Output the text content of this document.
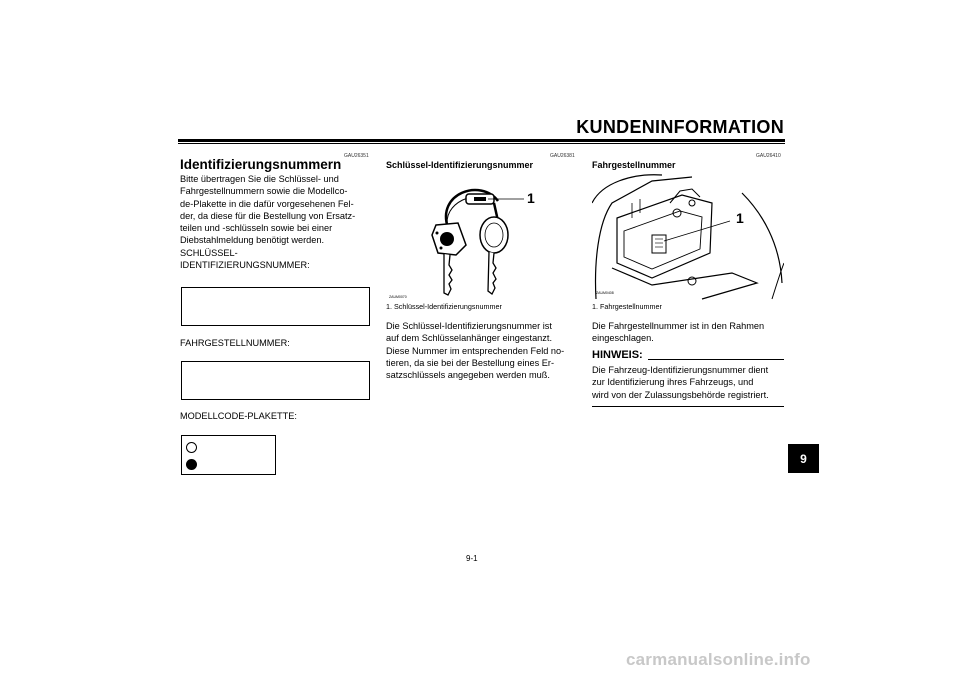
KUNDENINFORMATION
GAU26351
Identifizierungsnummern
Bitte übertragen Sie die Schlüssel- und
Fahrgestellnummern sowie die Modellco-
de-Plakette in die dafür vorgesehenen Fel-
der, da diese für die Bestellung von Ersatz-
teilen und -schlüsseln sowie bei einer
Diebstahlmeldung benötigt werden.
SCHLÜSSEL-
IDENTIFIZIERUNGSNUMMER:
FAHRGESTELLNUMMER:
MODELLCODE-PLAKETTE:
GAU26381
Schlüssel-Identifizierungsnummer
1
ZAUM0070
1. Schlüssel-Identifizierungsnummer
Die Schlüssel-Identifizierungsnummer ist
auf dem Schlüsselanhänger eingestanzt.
Diese Nummer im entsprechenden Feld no-
tieren, da sie bei der Bestellung eines Er-
satzschlüssels angegeben werden muß.
GAU26410
Fahrgestellnummer
1
ZAUM0408
1. Fahrgestellnummer
Die Fahrgestellnummer ist in den Rahmen
eingeschlagen.
HINWEIS:
Die Fahrzeug-Identifizierungsnummer dient
zur Identifizierung ihres Fahrzeugs, und
wird von der Zulassungsbehörde registriert.
9
9-1
carmanualsonline.info
